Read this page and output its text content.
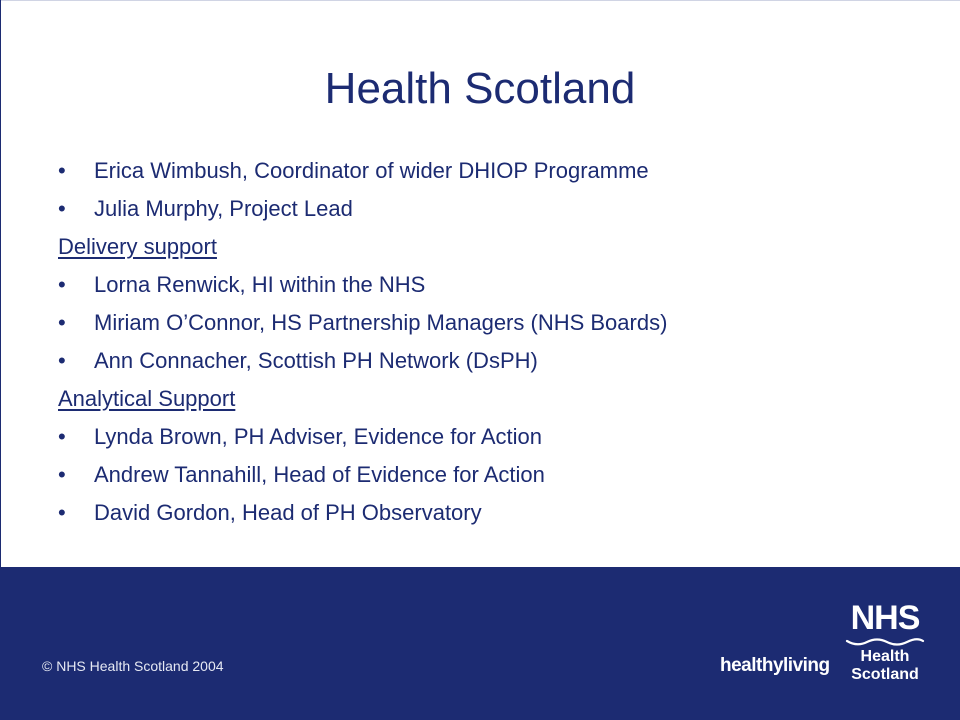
Health Scotland
• Erica Wimbush, Coordinator of wider DHIOP Programme
• Julia Murphy, Project Lead
Delivery support
• Lorna Renwick, HI within the NHS
• Miriam O’Connor, HS Partnership Managers (NHS Boards)
• Ann Connacher, Scottish PH Network (DsPH)
Analytical Support
• Lynda Brown, PH Adviser, Evidence for Action
• Andrew Tannahill, Head of Evidence for Action
• David Gordon, Head of PH Observatory
© NHS Health Scotland 2004	healthyliving
NHS
Health
Scotland
